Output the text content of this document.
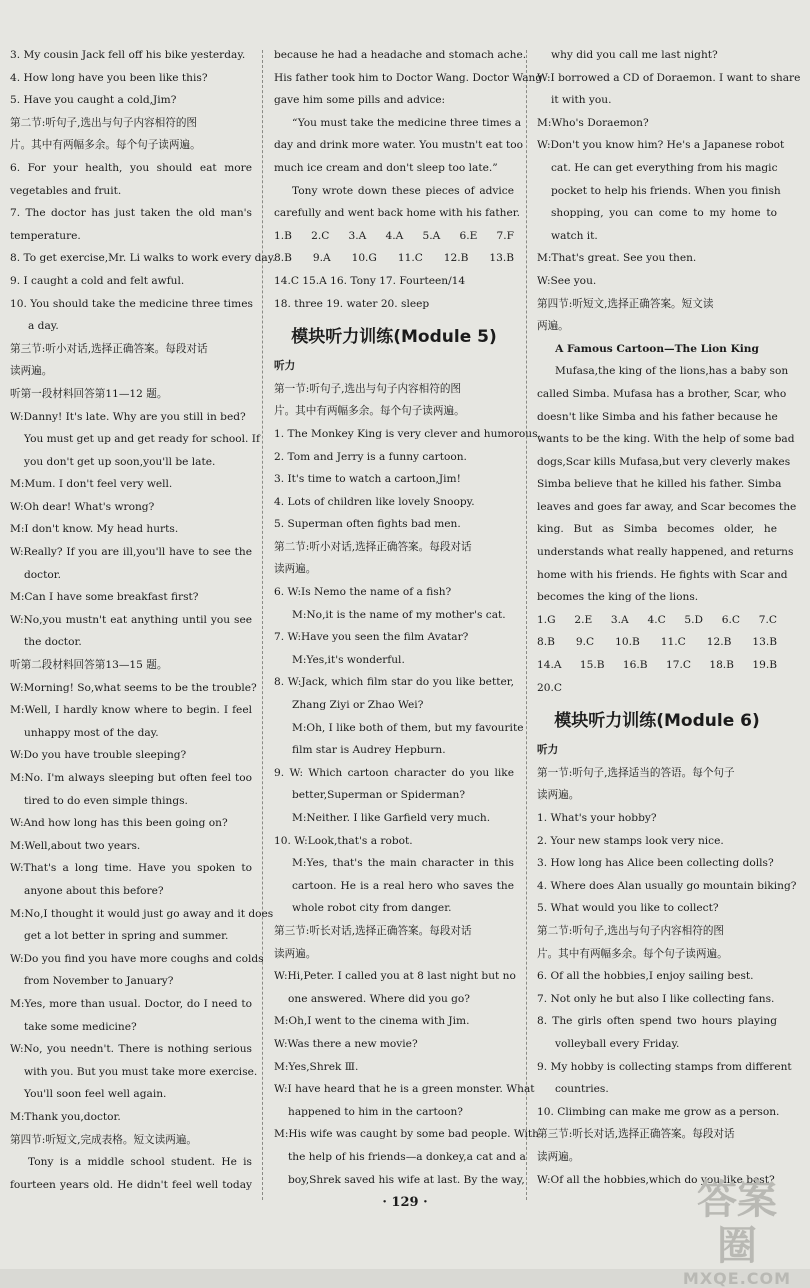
3. My cousin Jack fell off his bike yesterday.
4. How long have you been like this?
5. Have you caught a cold,Jim?
第二节:听句子,选出与句子内容相符的图
片。其中有两幅多余。每个句子读两遍。
6. For your health, you should eat more
vegetables and fruit.
7. The doctor has just taken the old man's
temperature.
8. To get exercise,Mr. Li walks to work every day.
9. I caught a cold and felt awful.
10. You should take the medicine three times
a day.
第三节:听小对话,选择正确答案。每段对话
读两遍。
听第一段材料回答第11—12 题。
W:Danny! It's late. Why are you still in bed?
You must get up and get ready for school. If
you don't get up soon,you'll be late.
M:Mum. I don't feel very well.
W:Oh dear! What's wrong?
M:I don't know. My head hurts.
W:Really? If you are ill,you'll have to see the
doctor.
M:Can I have some breakfast first?
W:No,you mustn't eat anything until you see
the doctor.
听第二段材料回答第13—15 题。
W:Morning! So,what seems to be the trouble?
M:Well, I hardly know where to begin. I feel
unhappy most of the day.
W:Do you have trouble sleeping?
M:No. I'm always sleeping but often feel too
tired to do even simple things.
W:And how long has this been going on?
M:Well,about two years.
W:That's a long time. Have you spoken to
anyone about this before?
M:No,I thought it would just go away and it does
get a lot better in spring and summer.
W:Do you find you have more coughs and colds
from November to January?
M:Yes, more than usual. Doctor, do I need to
take some medicine?
W:No, you needn't. There is nothing serious
with you. But you must take more exercise.
You'll soon feel well again.
M:Thank you,doctor.
第四节:听短文,完成表格。短文读两遍。
Tony is a middle school student. He is
fourteen years old. He didn't feel well today
because he had a headache and stomach ache.
His father took him to Doctor Wang. Doctor Wang
gave him some pills and advice:
“You must take the medicine three times a
day and drink more water. You mustn't eat too
much ice cream and don't sleep too late.”
Tony wrote down these pieces of advice
carefully and went back home with his father.
1.B 2.C 3.A 4.A 5.A 6.E 7.F
8.B 9.A 10.G 11.C 12.B 13.B
14.C 15.A 16. Tony 17. Fourteen/14
18. three 19. water 20. sleep
模块听力训练(Module 5)
听力
第一节:听句子,选出与句子内容相符的图
片。其中有两幅多余。每个句子读两遍。
1. The Monkey King is very clever and humorous.
2. Tom and Jerry is a funny cartoon.
3. It's time to watch a cartoon,Jim!
4. Lots of children like lovely Snoopy.
5. Superman often fights bad men.
第二节:听小对话,选择正确答案。每段对话
读两遍。
6. W:Is Nemo the name of a fish?
M:No,it is the name of my mother's cat.
7. W:Have you seen the film Avatar?
M:Yes,it's wonderful.
8. W:Jack, which film star do you like better,
Zhang Ziyi or Zhao Wei?
M:Oh, I like both of them, but my favourite
film star is Audrey Hepburn.
9. W: Which cartoon character do you like
better,Superman or Spiderman?
M:Neither. I like Garfield very much.
10. W:Look,that's a robot.
M:Yes, that's the main character in this
cartoon. He is a real hero who saves the
whole robot city from danger.
第三节:听长对话,选择正确答案。每段对话
读两遍。
W:Hi,Peter. I called you at 8 last night but no
one answered. Where did you go?
M:Oh,I went to the cinema with Jim.
W:Was there a new movie?
M:Yes,Shrek Ⅲ.
W:I have heard that he is a green monster. What
happened to him in the cartoon?
M:His wife was caught by some bad people. With
the help of his friends—a donkey,a cat and a
boy,Shrek saved his wife at last. By the way,
why did you call me last night?
W:I borrowed a CD of Doraemon. I want to share
it with you.
M:Who's Doraemon?
W:Don't you know him? He's a Japanese robot
cat. He can get everything from his magic
pocket to help his friends. When you finish
shopping, you can come to my home to
watch it.
M:That's great. See you then.
W:See you.
第四节:听短文,选择正确答案。短文读
两遍。
A Famous Cartoon—The Lion King
Mufasa,the king of the lions,has a baby son
called Simba. Mufasa has a brother, Scar, who
doesn't like Simba and his father because he
wants to be the king. With the help of some bad
dogs,Scar kills Mufasa,but very cleverly makes
Simba believe that he killed his father. Simba
leaves and goes far away, and Scar becomes the
king. But as Simba becomes older, he
understands what really happened, and returns
home with his friends. He fights with Scar and
becomes the king of the lions.
1.G 2.E 3.A 4.C 5.D 6.C 7.C
8.B 9.C 10.B 11.C 12.B 13.B
14.A 15.B 16.B 17.C 18.B 19.B
20.C
模块听力训练(Module 6)
听力
第一节:听句子,选择适当的答语。每个句子
读两遍。
1. What's your hobby?
2. Your new stamps look very nice.
3. How long has Alice been collecting dolls?
4. Where does Alan usually go mountain biking?
5. What would you like to collect?
第二节:听句子,选出与句子内容相符的图
片。其中有两幅多余。每个句子读两遍。
6. Of all the hobbies,I enjoy sailing best.
7. Not only he but also I like collecting fans.
8. The girls often spend two hours playing
volleyball every Friday.
9. My hobby is collecting stamps from different
countries.
10. Climbing can make me grow as a person.
第三节:听长对话,选择正确答案。每段对话
读两遍。
W:Of all the hobbies,which do you like best?
· 129 ·	答案圈
MXQE.COM
